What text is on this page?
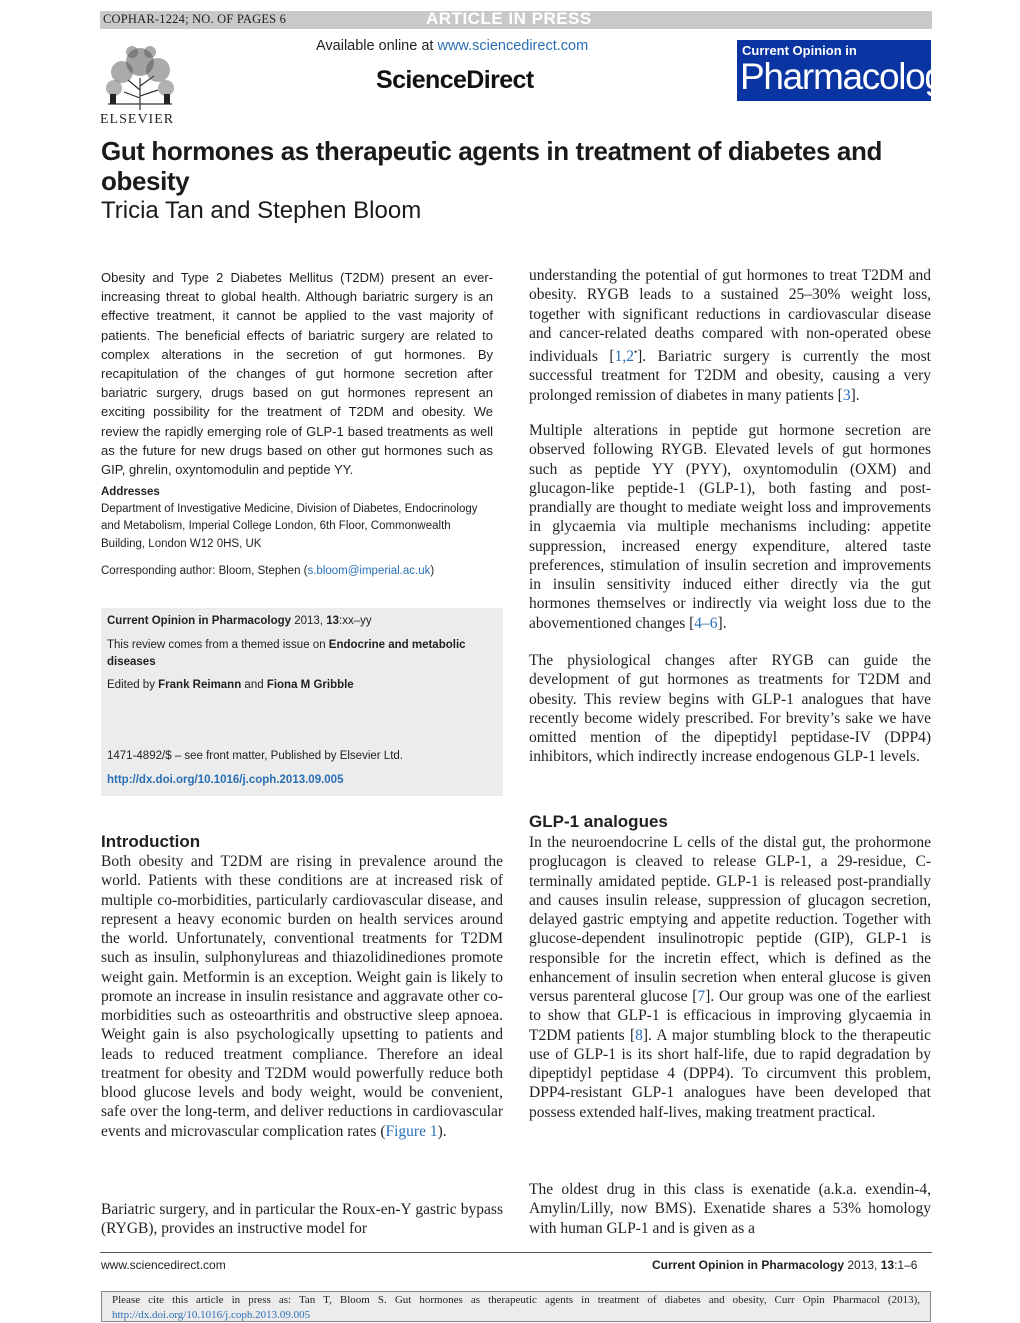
COPHAR-1224; NO. OF PAGES 6	ARTICLE IN PRESS
ELSEVIER
Available online at www.sciencedirect.com
ScienceDirect
Current Opinion in
Pharmacology
Gut hormones as therapeutic agents in treatment of diabetes and obesity
Tricia Tan and Stephen Bloom
Obesity and Type 2 Diabetes Mellitus (T2DM) present an ever-increasing threat to global health. Although bariatric surgery is an effective treatment, it cannot be applied to the vast majority of patients. The beneficial effects of bariatric surgery are related to complex alterations in the secretion of gut hormones. By recapitulation of the changes of gut hormone secretion after bariatric surgery, drugs based on gut hormones represent an exciting possibility for the treatment of T2DM and obesity. We review the rapidly emerging role of GLP-1 based treatments as well as the future for new drugs based on other gut hormones such as GIP, ghrelin, oxyntomodulin and peptide YY.
Addresses
Department of Investigative Medicine, Division of Diabetes, Endocrinology and Metabolism, Imperial College London, 6th Floor, Commonwealth Building, London W12 0HS, UK
Corresponding author: Bloom, Stephen (s.bloom@imperial.ac.uk)
Current Opinion in Pharmacology 2013, 13:xx–yy
This review comes from a themed issue on Endocrine and metabolic diseases
Edited by Frank Reimann and Fiona M Gribble
1471-4892/$ – see front matter, Published by Elsevier Ltd.
http://dx.doi.org/10.1016/j.coph.2013.09.005
Introduction
Both obesity and T2DM are rising in prevalence around the world. Patients with these conditions are at increased risk of multiple co-morbidities, particularly cardiovascular disease, and represent a heavy economic burden on health services around the world. Unfortunately, conventional treatments for T2DM such as insulin, sulphonylureas and thiazolidinediones promote weight gain. Metformin is an exception. Weight gain is likely to promote an increase in insulin resistance and aggravate other co-morbidities such as osteoarthritis and obstructive sleep apnoea. Weight gain is also psychologically upsetting to patients and leads to reduced treatment compliance. Therefore an ideal treatment for obesity and T2DM would powerfully reduce both blood glucose levels and body weight, would be convenient, safe over the long-term, and deliver reductions in cardiovascular events and microvascular complication rates (Figure 1).
Bariatric surgery, and in particular the Roux-en-Y gastric bypass (RYGB), provides an instructive model for
understanding the potential of gut hormones to treat T2DM and obesity. RYGB leads to a sustained 25–30% weight loss, together with significant reductions in cardiovascular disease and cancer-related deaths compared with non-operated obese individuals [1,2•]. Bariatric surgery is currently the most successful treatment for T2DM and obesity, causing a very prolonged remission of diabetes in many patients [3].
Multiple alterations in peptide gut hormone secretion are observed following RYGB. Elevated levels of gut hormones such as peptide YY (PYY), oxyntomodulin (OXM) and glucagon-like peptide-1 (GLP-1), both fasting and post-prandially are thought to mediate weight loss and improvements in glycaemia via multiple mechanisms including: appetite suppression, increased energy expenditure, altered taste preferences, stimulation of insulin secretion and improvements in insulin sensitivity induced either directly via the gut hormones themselves or indirectly via weight loss due to the abovementioned changes [4–6].
The physiological changes after RYGB can guide the development of gut hormones as treatments for T2DM and obesity. This review begins with GLP-1 analogues that have recently become widely prescribed. For brevity’s sake we have omitted mention of the dipeptidyl peptidase-IV (DPP4) inhibitors, which indirectly increase endogenous GLP-1 levels.
GLP-1 analogues
In the neuroendocrine L cells of the distal gut, the prohormone proglucagon is cleaved to release GLP-1, a 29-residue, C-terminally amidated peptide. GLP-1 is released post-prandially and causes insulin release, suppression of glucagon secretion, delayed gastric emptying and appetite reduction. Together with glucose-dependent insulinotropic peptide (GIP), GLP-1 is responsible for the incretin effect, which is defined as the enhancement of insulin secretion when enteral glucose is given versus parenteral glucose [7]. Our group was one of the earliest to show that GLP-1 is efficacious in improving glycaemia in T2DM patients [8]. A major stumbling block to the therapeutic use of GLP-1 is its short half-life, due to rapid degradation by dipeptidyl peptidase 4 (DPP4). To circumvent this problem, DPP4-resistant GLP-1 analogues have been developed that possess extended half-lives, making treatment practical.
The oldest drug in this class is exenatide (a.k.a. exendin-4, Amylin/Lilly, now BMS). Exenatide shares a 53% homology with human GLP-1 and is given as a
www.sciencedirect.com	Current Opinion in Pharmacology 2013, 13:1–6
Please cite this article in press as: Tan T, Bloom S. Gut hormones as therapeutic agents in treatment of diabetes and obesity, Curr Opin Pharmacol (2013), http://dx.doi.org/10.1016/j.coph.2013.09.005
